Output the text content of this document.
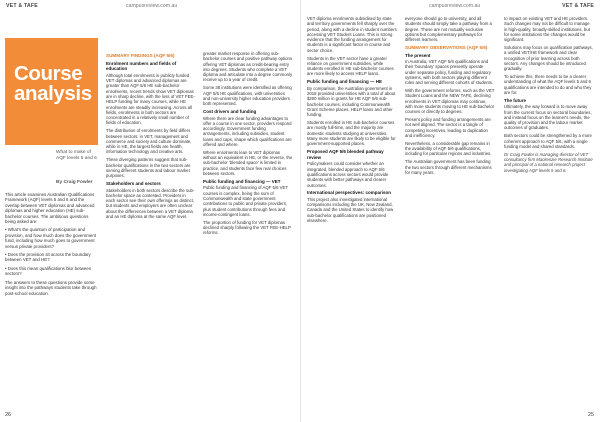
VET & TAFE	campusreview.com.au
Course
analysis
What to make of AQF levels 5 and 6
By Craig Fowler

This article examines Australian Qualifications Framework (AQF) levels 5 and 6 and the overlap between VET diplomas and advanced diplomas and higher education (HE) sub-bachelor courses. The ambitious questions being asked are:

• What’s the quantum of participation and provision, and how much does the government fund, including how much goes to government versus private providers?

• Does the provision sit across the boundary between VET and HE?

• Does this mean qualifications blur between sectors?

The answers to these questions provide some insight into the pathways students take through post-school education.

SUMMARY FINDINGS (AQF 5/6)
Enrolment numbers and fields of education

Although total enrolments in publicly funded VET diplomas and advanced diplomas are greater than AQF 5/6 HE sub-bachelor enrolments, recent trends show VET diplomas are in sharp decline, with the loss of VET FEE-HELP funding for many courses, while HE enrolments are steadily increasing. Across all fields, enrolments in both sectors are concentrated in a relatively small number of fields of education.

The distribution of enrolments by field differs between sectors: in VET, management and commerce and society and culture dominate, while in HE, the largest fields are health, information technology and creative arts.

These diverging patterns suggest that sub-bachelor qualifications in the two sectors are serving different students and labour market purposes.

Stakeholders and sectors

Stakeholders in both sectors describe the sub-bachelor space as contested. Providers in each sector see their own offerings as distinct, but students and employers are often unclear about the differences between a VET diploma and an HE diploma at the same AQF level.

greater market response in offering sub-bachelor courses and positive pathway options offering VET diplomas as credit-bearing entry into degrees. Students who complete a VET diploma and articulate into a degree commonly receive up to a year of credit.

Some 38 institutions were identified as offering AQF 5/6 HE qualifications, with universities and non-university higher education providers both represented.

Cost drivers and funding

Where there are clear funding advantages to offer a course in one sector, providers respond accordingly. Government funding arrangements, including subsidies, student loans and caps, shape which qualifications are offered and where.

Where enrolments lean to VET diplomas without an equivalent in HE, or the reverse, the sub-bachelor 'blended space' is limited in practice, and students face few real choices between sectors.

Public funding and financing — VET

Public funding and financing of AQF 5/6 VET courses is complex, being the sum of Commonwealth and state government contributions to public and private providers, plus student contributions through fees and income-contingent loans.

The proportion of funding for VET diplomas declined sharply following the VET FEE-HELP reforms.

26
campusreview.com.au	VET & TAFE

VET diploma enrolments subsidised by state and territory governments fell sharply over the period, along with a decline in student numbers accessing VET Student Loans. This is strong evidence that the funding arrangement for students is a significant factor in course and sector choice.

Students in the VET sector have a greater reliance on government subsidies, while students enrolled in HE sub-bachelor courses are more likely to access HELP loans.

Public funding and financing — HE

By comparison, the Australian government in 2018 provided universities with a total of about $200 million in grants for HE AQF 5/6 sub-bachelor courses, including Commonwealth Grant Scheme places, HELP loans and other funding.

Students enrolled in HE sub-bachelor courses are mostly full-time, and the majority are domestic students studying at universities. Many more students are likely to be eligible for government-supported places.

Proposed AQF 5/6 blended pathway review

Policymakers could consider whether an integrated, blended approach to AQF 5/6 qualifications across sectors would provide students with better pathways and clearer outcomes.

International perspectives: comparison

This project also investigated international comparisons including the UK, New Zealand, Canada and the United States to identify how sub-bachelor qualifications are positioned elsewhere.

everyone should go to university, and all students should simply take a pathway from a degree. These are not mutually exclusive options but complementary pathways for different learners.

SUMMARY OBSERVATIONS (AQF 5/6)
The present

In Australia, VET AQF 5/6 qualifications and their 'boundary' spaces presently operate under separate policy, funding and regulatory systems, with both sectors playing different roles and serving different cohorts of students.

With the government reforms, such as the VET Student Loans and the NEW TAFE, declining enrolments in VET diplomas may continue, with more students moving to HE sub-bachelor courses or directly to degrees.

Present policy and funding arrangements are not well aligned. The sector is a tangle of competing incentives, leading to duplication and inefficiency.

Nevertheless, a considerable gap remains in the availability of AQF 5/6 qualifications, including for particular regions and industries.

The Australian government has been funding the two sectors through different mechanisms for many years.

to impact on existing VET and HE providers. Such changes may not be difficult to manage in high-quality, broadly-skilled institutions, but for some institutions the changes would be significant.

Solutions may focus on qualification pathways, a unified VET/HE framework and clear recognition of prior learning across both sectors. Any changes should be introduced gradually.

To achieve this, there needs to be a clearer understanding of what the AQF levels 5 and 6 qualifications are intended to do and who they are for.

The future

Ultimately, the way forward is to move away from the current focus on sectoral boundaries, and instead focus on the learner's needs, the quality of provision and the labour market outcomes of graduates.

Both sectors could be strengthened by a more coherent approach to AQF 5/6, with a single funding model and shared standards.

Dr Craig Fowler is managing director of VET consultancy firm Mackenzie Research Institute and principal of a national research project investigating AQF levels 5 and 6.

25
